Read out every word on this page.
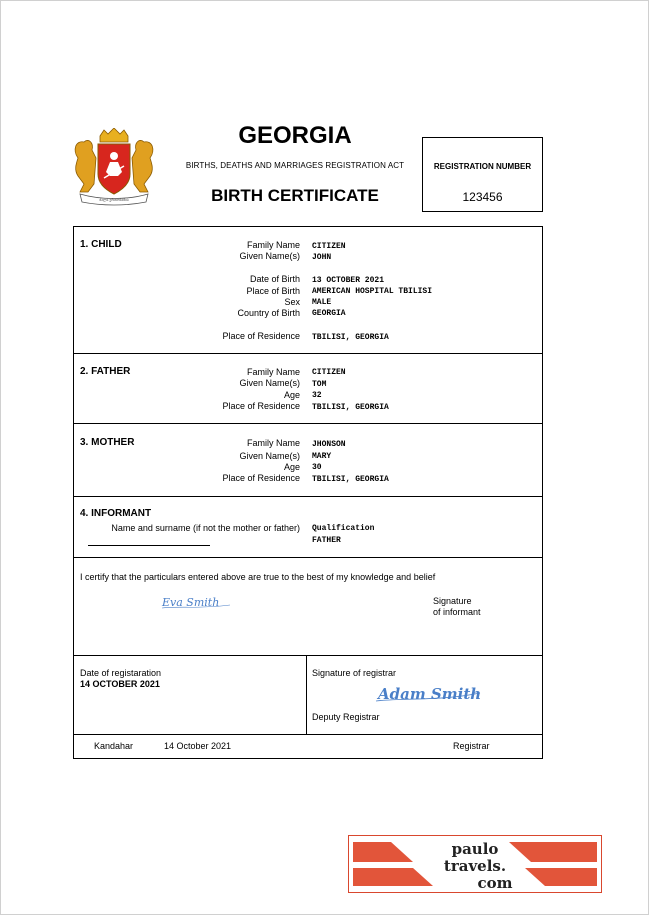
ძალა ერთობაშია
GEORGIA
BIRTHS, DEATHS AND MARRIAGES REGISTRATION ACT
BIRTH CERTIFICATE
REGISTRATION NUMBER
123456
1. CHILD	Family Name CITIZEN
Given Name(s) JOHN
Date of Birth 13 OCTOBER 2021
Place of Birth AMERICAN HOSPITAL TBILISI
Sex MALE
Country of Birth GEORGIA
Place of Residence TBILISI, GEORGIA
2. FATHER	Family Name CITIZEN
Given Name(s) TOM
Age 32
Place of Residence TBILISI, GEORGIA
3. MOTHER	Family Name JHONSON
Given Name(s) MARY
Age 30
Place of Residence TBILISI, GEORGIA
4. INFORMANT
Name and surname (if not the mother or father) Qualification
FATHER
I certify that the particulars entered above are true to the best of my knowledge and belief
Eva Smith	Signature
of informant
Date of registaration
14 OCTOBER 2021
Signature of registrar
Adam Smith
Deputy Registrar
Kandahar	14 October 2021	Registrar
paulo
travels.
com
